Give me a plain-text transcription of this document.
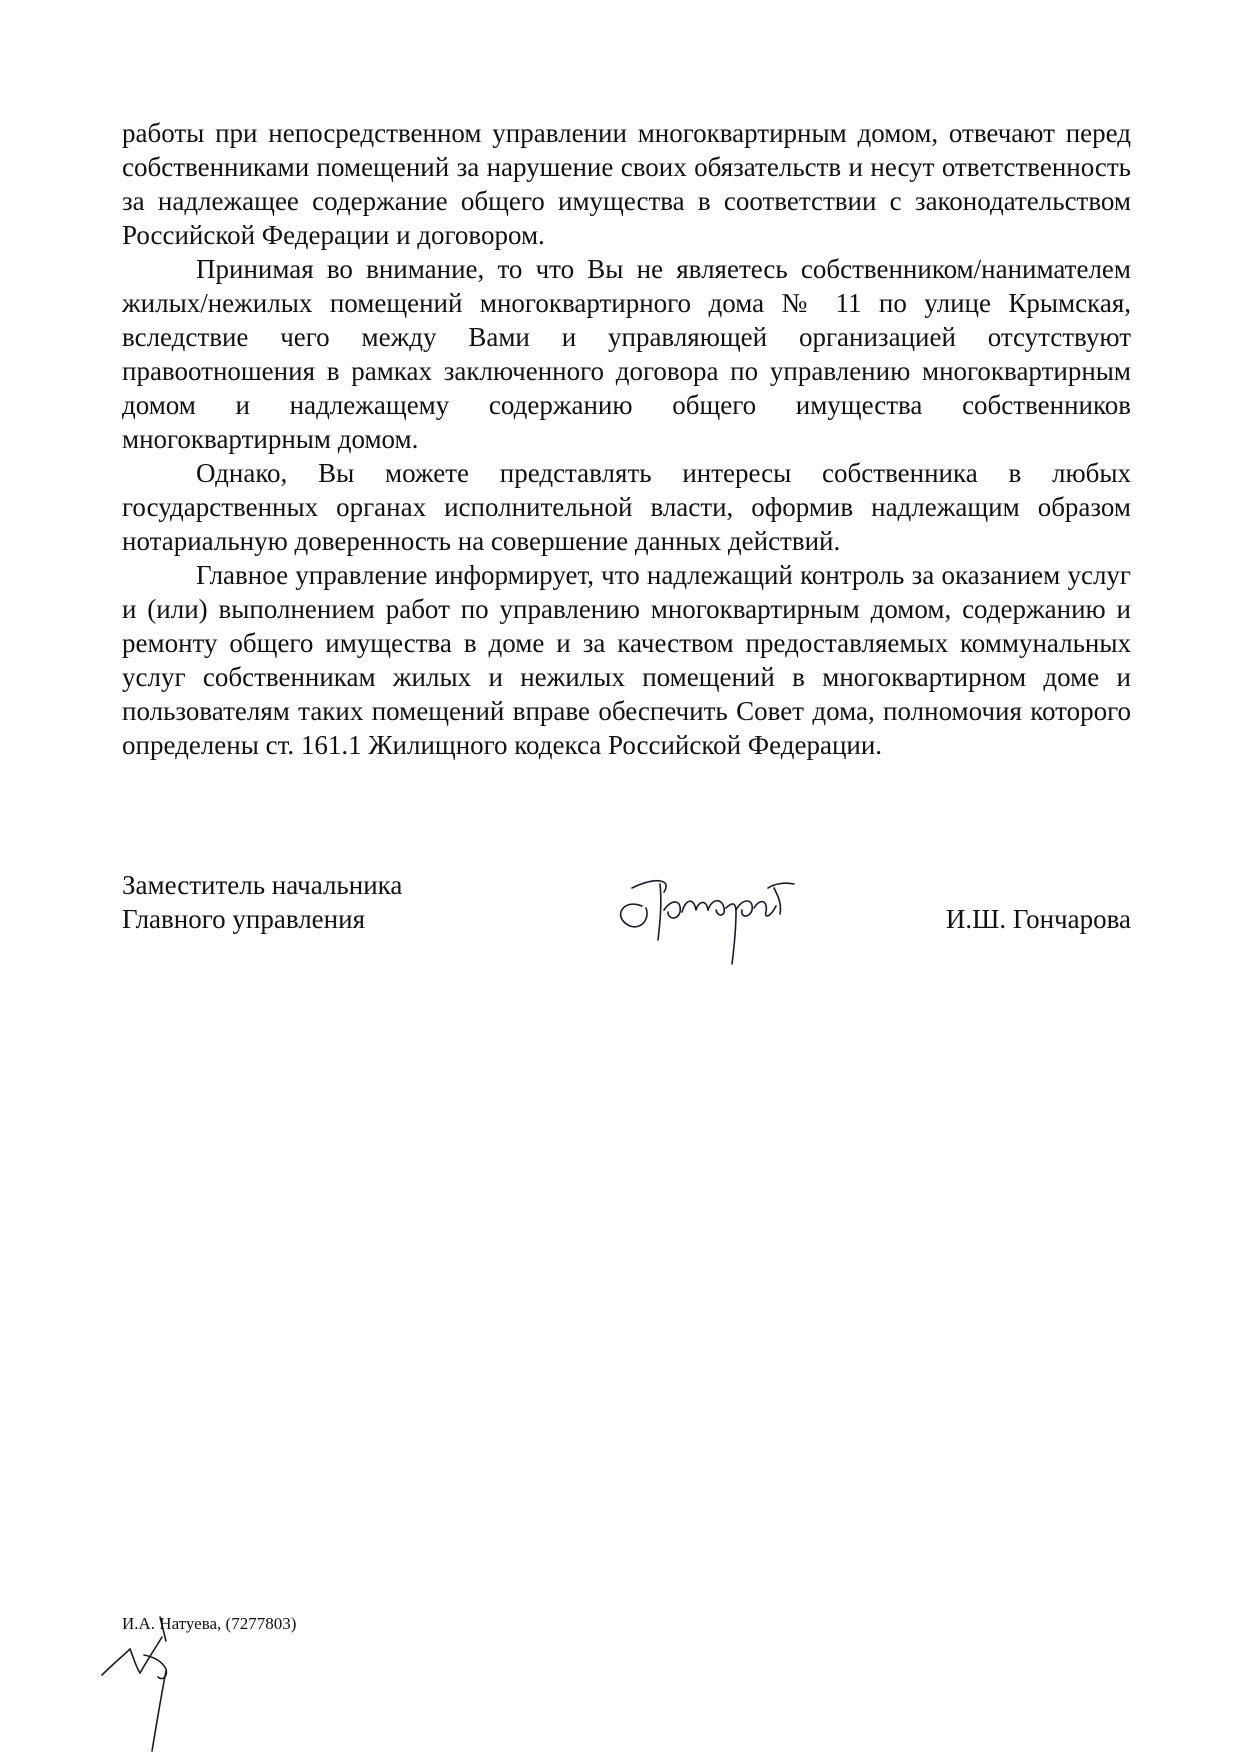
работы при непосредственном управлении многоквартирным домом, отвечают перед собственниками помещений за нарушение своих обязательств и несут ответственность за надлежащее содержание общего имущества в соответствии с законодательством Российской Федерации и договором.

Принимая во внимание, то что Вы не являетесь собственником/нанимателем жилых/нежилых помещений многоквартирного дома № 11 по улице Крымская, вследствие чего между Вами и управляющей организацией отсутствуют правоотношения в рамках заключенного договора по управлению многоквартирным домом и надлежащему содержанию общего имущества собственников многоквартирным домом.

Однако, Вы можете представлять интересы собственника в любых государственных органах исполнительной власти, оформив надлежащим образом нотариальную доверенность на совершение данных действий.

Главное управление информирует, что надлежащий контроль за оказанием услуг и (или) выполнением работ по управлению многоквартирным домом, содержанию и ремонту общего имущества в доме и за качеством предоставляемых коммунальных услуг собственникам жилых и нежилых помещений в многоквартирном доме и пользователям таких помещений вправе обеспечить Совет дома, полномочия которого определены ст. 161.1 Жилищного кодекса Российской Федерации.

Заместитель начальника
Главного управления	И.Ш. Гончарова
И.А. Натуева, (7277803)
